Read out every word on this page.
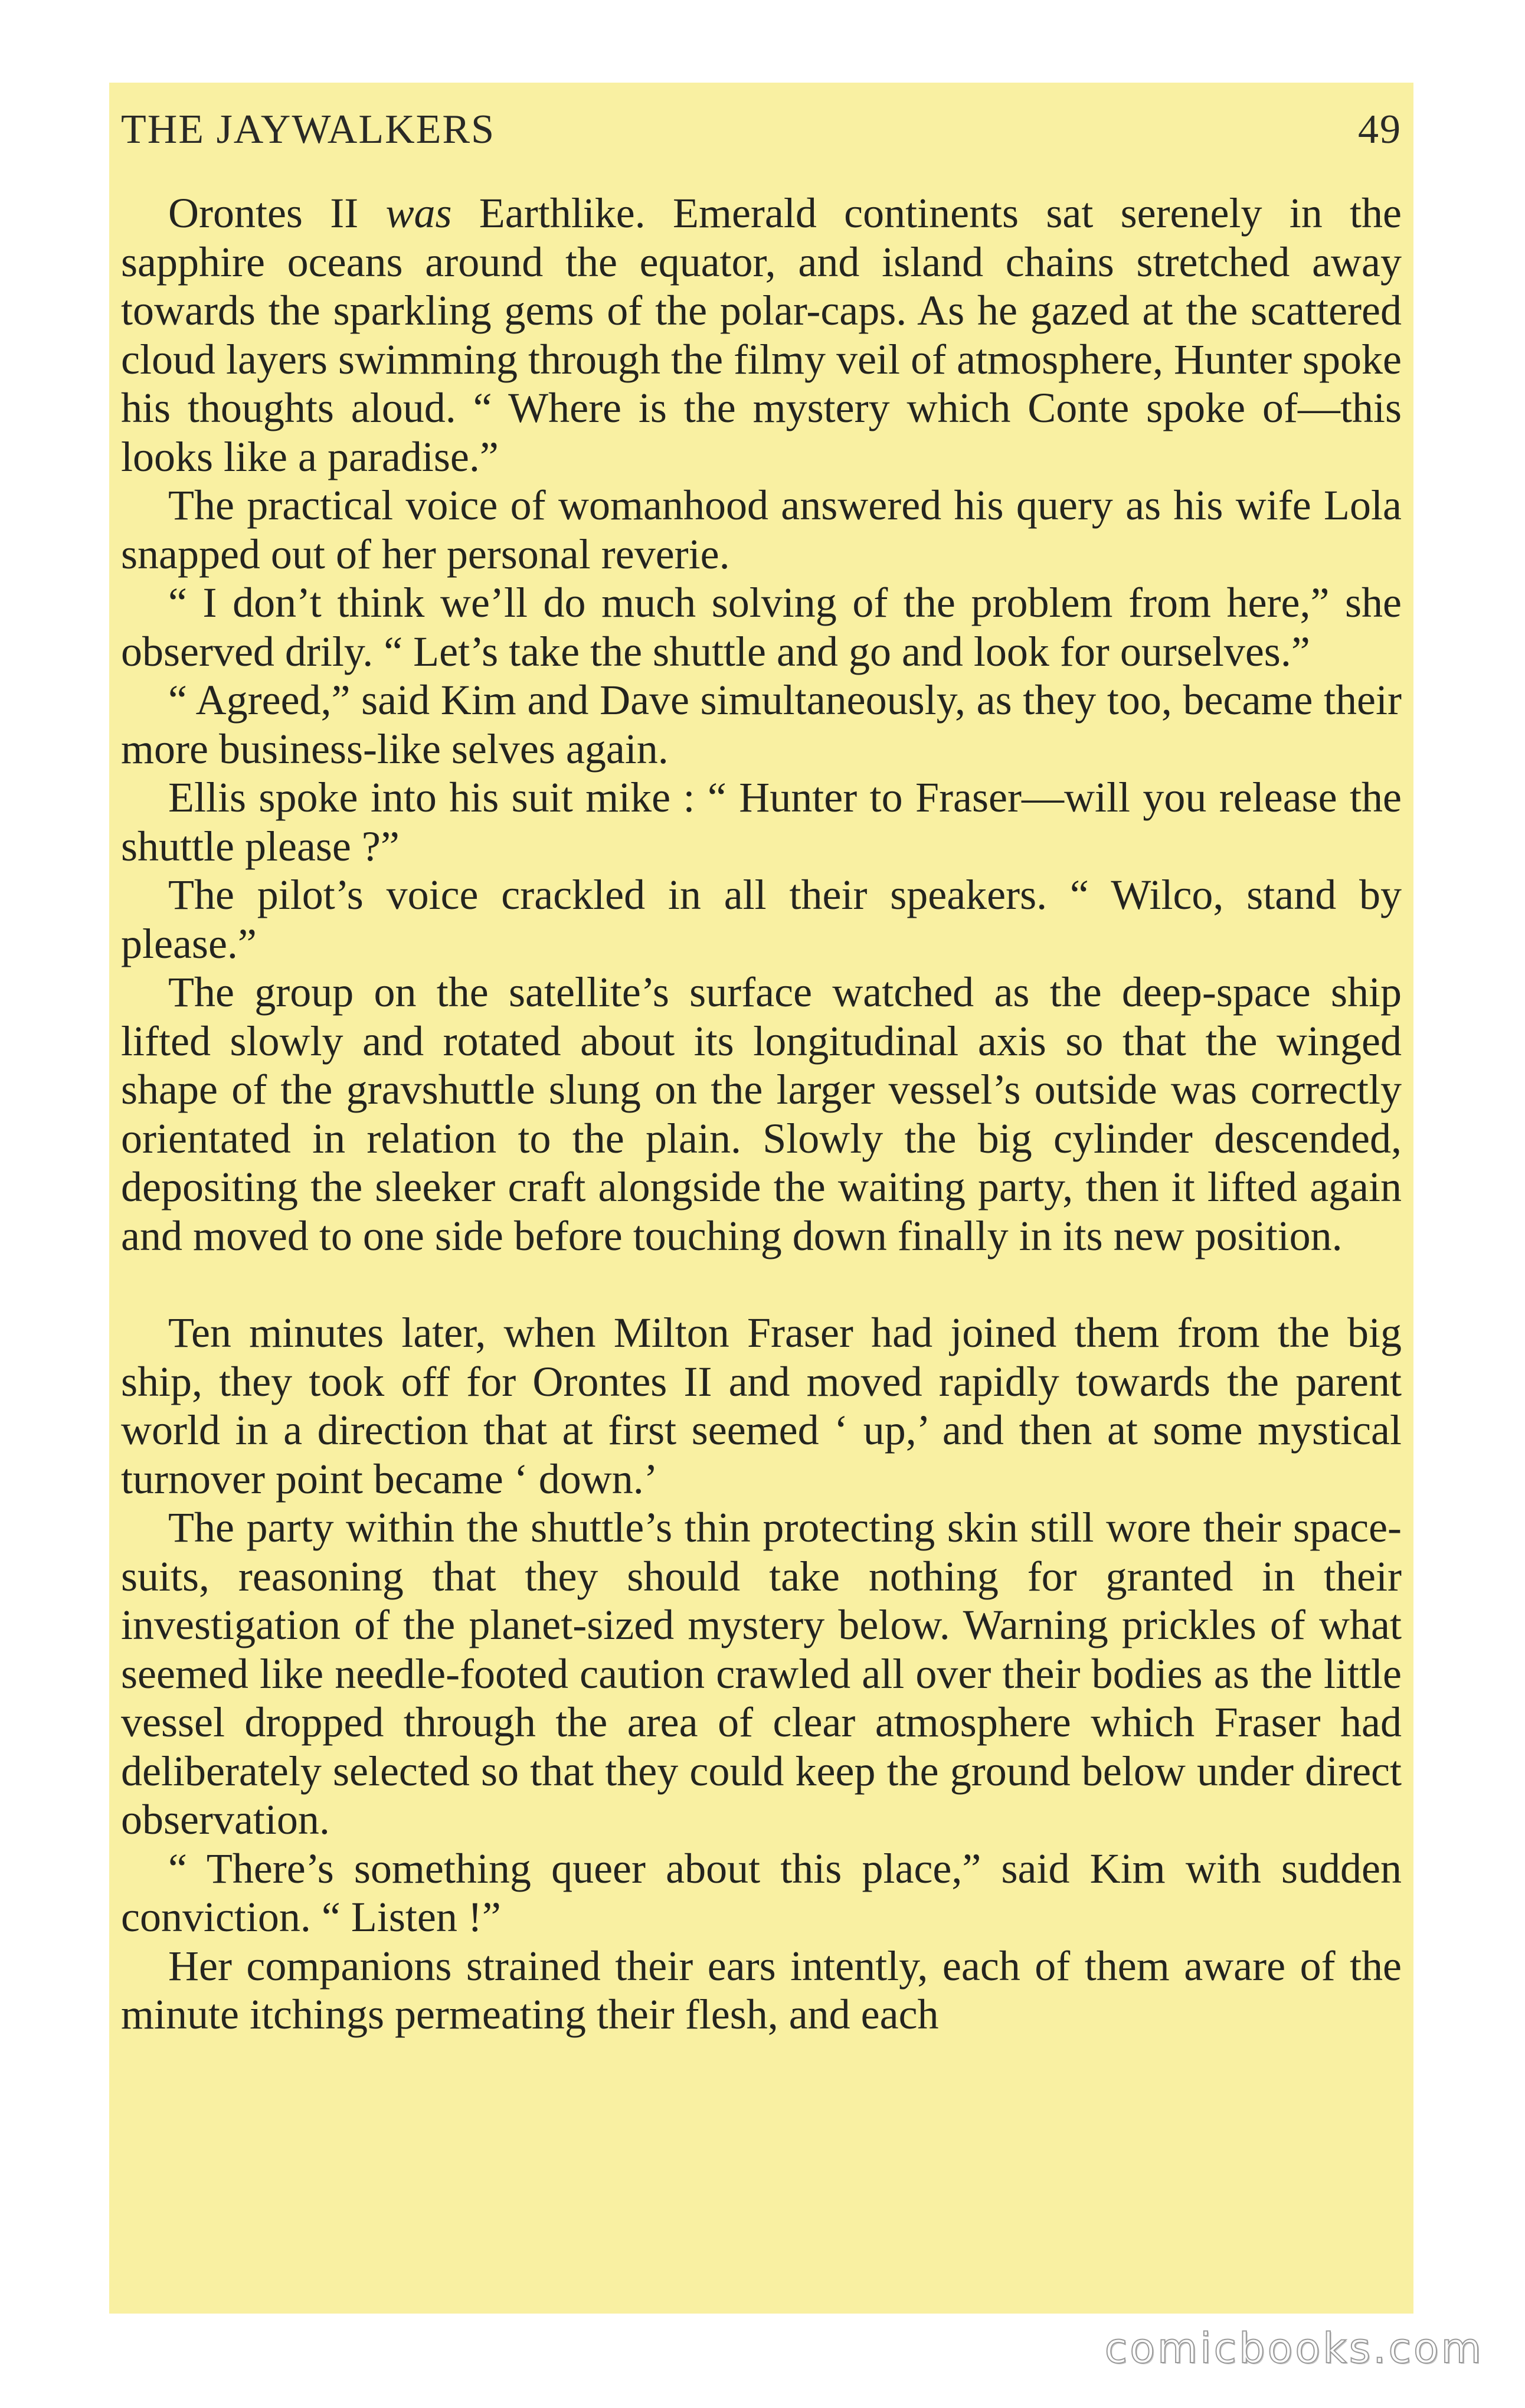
THE JAYWALKERS	49

Orontes II was Earthlike. Emerald continents sat serenely in the sapphire oceans around the equator, and island chains stretched away towards the sparkling gems of the polar-caps. As he gazed at the scattered cloud layers swimming through the filmy veil of atmosphere, Hunter spoke his thoughts aloud. “ Where is the mystery which Conte spoke of—this looks like a paradise.”

The practical voice of womanhood answered his query as his wife Lola snapped out of her personal reverie.

“ I don’t think we’ll do much solving of the problem from here,” she observed drily. “ Let’s take the shuttle and go and look for ourselves.”

“ Agreed,” said Kim and Dave simultaneously, as they too, became their more business-like selves again.

Ellis spoke into his suit mike : “ Hunter to Fraser—will you release the shuttle please ?”

The pilot’s voice crackled in all their speakers. “ Wilco, stand by please.”

The group on the satellite’s surface watched as the deep-space ship lifted slowly and rotated about its longitudinal axis so that the winged shape of the gravshuttle slung on the larger vessel’s outside was correctly orientated in relation to the plain. Slowly the big cylinder descended, depositing the sleeker craft alongside the waiting party, then it lifted again and moved to one side before touching down finally in its new position.

Ten minutes later, when Milton Fraser had joined them from the big ship, they took off for Orontes II and moved rapidly towards the parent world in a direction that at first seemed ‘ up,’ and then at some mystical turnover point became ‘ down.’

The party within the shuttle’s thin protecting skin still wore their space-suits, reasoning that they should take nothing for granted in their investigation of the planet-sized mystery below. Warning prickles of what seemed like needle-footed caution crawled all over their bodies as the little vessel dropped through the area of clear atmosphere which Fraser had deliberately selected so that they could keep the ground below under direct observation.

“ There’s something queer about this place,” said Kim with sudden conviction. “ Listen !”

Her companions strained their ears intently, each of them aware of the minute itchings permeating their flesh, and each

comicbooks.com
